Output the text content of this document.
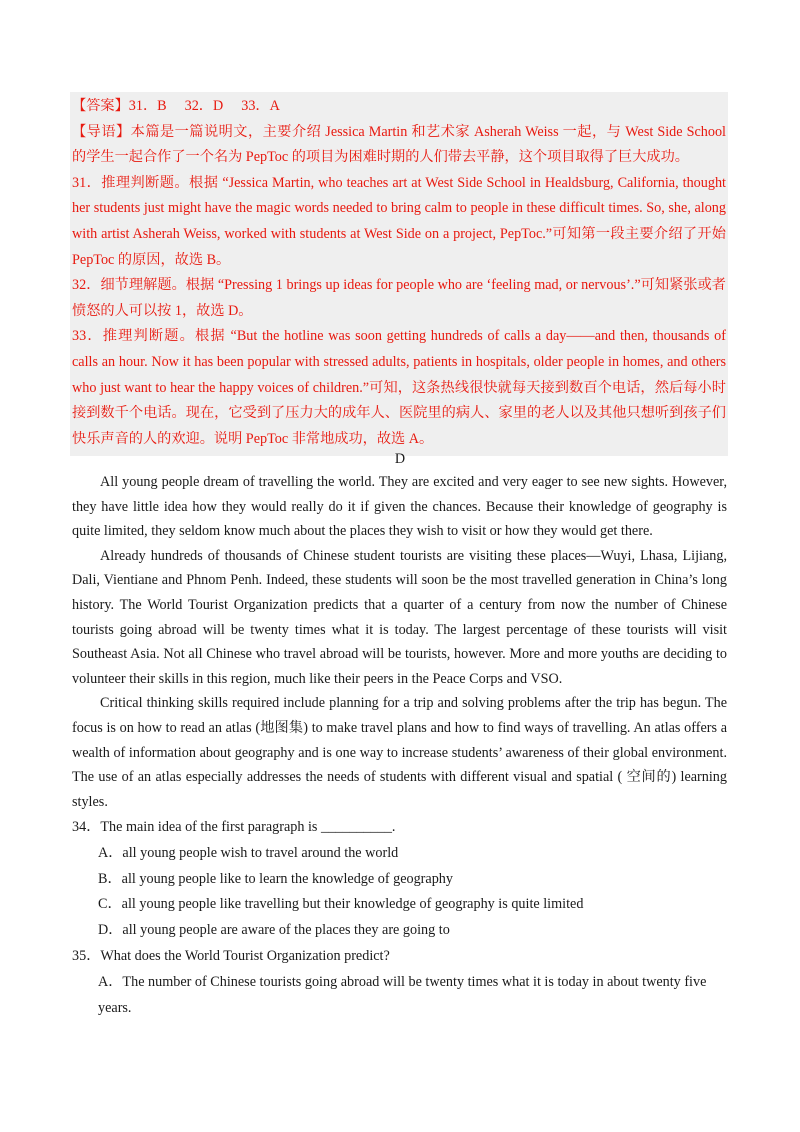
【答案】31．B 32．D 33．A

【导语】本篇是一篇说明文，主要介绍 Jessica Martin 和艺术家 Asherah Weiss 一起，与 West Side School 的学生一起合作了一个名为 PepToc 的项目为困难时期的人们带去平静，这个项目取得了巨大成功。

31．推理判断题。根据 “Jessica Martin, who teaches art at West Side School in Healdsburg, California, thought her students just might have the magic words needed to bring calm to people in these difficult times. So, she, along with artist Asherah Weiss, worked with students at West Side on a project, PepToc.”可知第一段主要介绍了开始 PepToc 的原因，故选 B。

32．细节理解题。根据 “Pressing 1 brings up ideas for people who are ‘feeling mad, or nervous’.”可知紧张或者愤怒的人可以按 1，故选 D。

33．推理判断题。根据 “But the hotline was soon getting hundreds of calls a day——and then, thousands of calls an hour. Now it has been popular with stressed adults, patients in hospitals, older people in homes, and others who just want to hear the happy voices of children.”可知，这条热线很快就每天接到数百个电话，然后每小时接到数千个电话。现在，它受到了压力大的成年人、医院里的病人、家里的老人以及其他只想听到孩子们快乐声音的人的欢迎。说明 PepToc 非常地成功，故选 A。

D

All young people dream of travelling the world. They are excited and very eager to see new sights. However, they have little idea how they would really do it if given the chances. Because their knowledge of geography is quite limited, they seldom know much about the places they wish to visit or how they would get there.

Already hundreds of thousands of Chinese student tourists are visiting these places—Wuyi, Lhasa, Lijiang, Dali, Vientiane and Phnom Penh. Indeed, these students will soon be the most travelled generation in China’s long history. The World Tourist Organization predicts that a quarter of a century from now the number of Chinese tourists going abroad will be twenty times what it is today. The largest percentage of these tourists will visit Southeast Asia. Not all Chinese who travel abroad will be tourists, however. More and more youths are deciding to volunteer their skills in this region, much like their peers in the Peace Corps and VSO.

Critical thinking skills required include planning for a trip and solving problems after the trip has begun. The focus is on how to read an atlas (地图集) to make travel plans and how to find ways of travelling. An atlas offers a wealth of information about geography and is one way to increase students’ awareness of their global environment. The use of an atlas especially addresses the needs of students with different visual and spatial ( 空间的) learning styles.

34．The main idea of the first paragraph is __________.

A．all young people wish to travel around the world

B．all young people like to learn the knowledge of geography

C．all young people like travelling but their knowledge of geography is quite limited

D．all young people are aware of the places they are going to

35．What does the World Tourist Organization predict?

A．The number of Chinese tourists going abroad will be twenty times what it is today in about twenty five years.
